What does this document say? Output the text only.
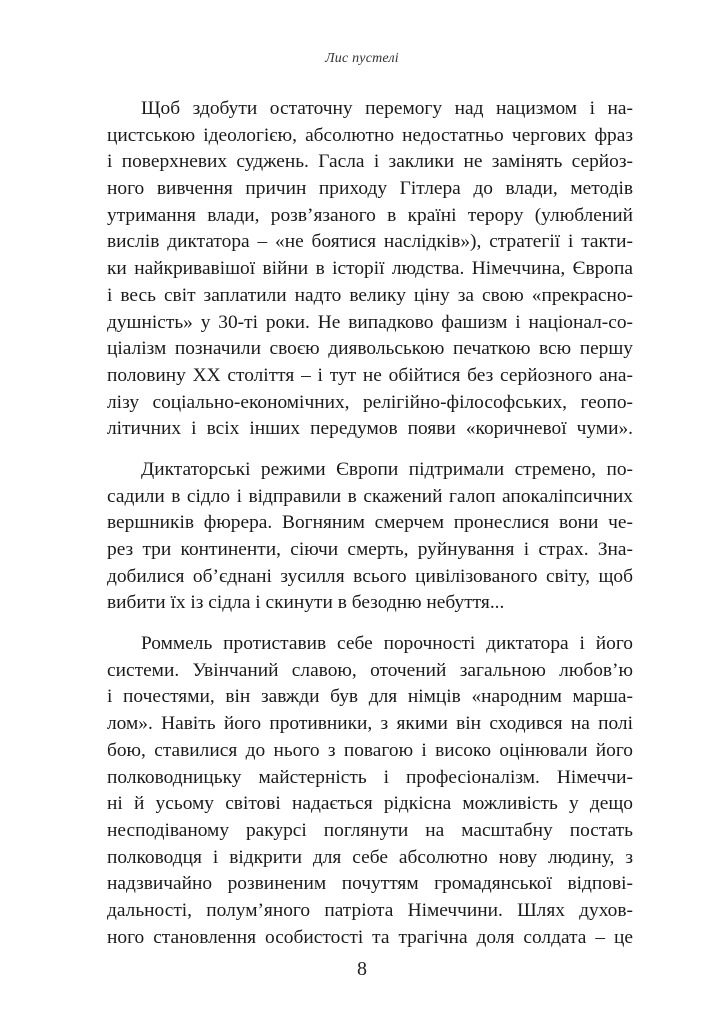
Лис пустелі

Щоб здобути остаточну перемогу над нацизмом і на-
цистською ідеологією, абсолютно недостатньо чергових фраз
і поверхневих суджень. Гасла і заклики не замінять серйоз-
ного вивчення причин приходу Гітлера до влади, методів
утримання влади, розв’язаного в країні терору (улюблений
вислів диктатора – «не боятися наслідків»), стратегії і такти-
ки найкривавішої війни в історії людства. Німеччина, Європа
і весь світ заплатили надто велику ціну за свою «прекрасно-
душність» у 30-ті роки. Не випадково фашизм і націонал-со-
ціалізм позначили своєю диявольською печаткою всю першу
половину XX століття – і тут не обійтися без серйозного ана-
лізу соціально-економічних, релігійно-філософських, геопо-
літичних і всіх інших передумов появи «коричневої чуми».

Диктаторські режими Європи підтримали стремено, по-
садили в сідло і відправили в скажений галоп апокаліпсичних
вершників фюрера. Вогняним смерчем пронеслися вони че-
рез три континенти, сіючи смерть, руйнування і страх. Зна-
добилися об’єднані зусилля всього цивілізованого світу, щоб
вибити їх із сідла і скинути в безодню небуття...

Роммель протиставив себе порочності диктатора і його
системи. Увінчаний славою, оточений загальною любов’ю
і почестями, він завжди був для німців «народним марша-
лом». Навіть його противники, з якими він сходився на полі
бою, ставилися до нього з повагою і високо оцінювали його
полководницьку майстерність і професіоналізм. Німеччи-
ні й усьому світові надається рідкісна можливість у дещо
несподіваному ракурсі поглянути на масштабну постать
полководця і відкрити для себе абсолютно нову людину, з
надзвичайно розвиненим почуттям громадянської відпові-
дальності, полум’яного патріота Німеччини. Шлях духов-
ного становлення особистості та трагічна доля солдата – це

8
